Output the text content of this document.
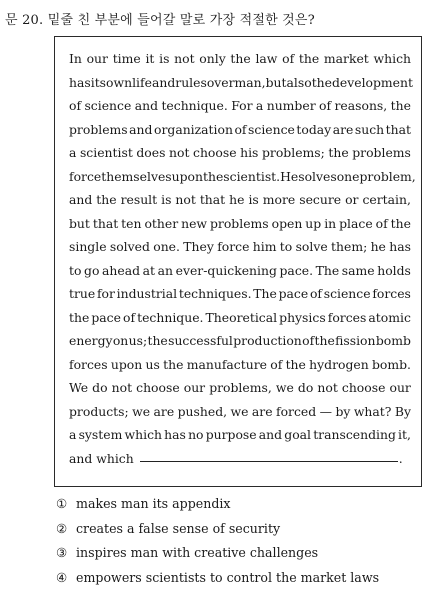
문 20. 밑줄 친 부분에 들어갈 말로 가장 적절한 것은?
In our time it is not only the law of the market which
has its own life and rules over man, but also the development
of science and technique. For a number of reasons, the
problems and organization of science today are such that
a scientist does not choose his problems; the problems
force themselves upon the scientist. He solves one problem,
and the result is not that he is more secure or certain,
but that ten other new problems open up in place of the
single solved one. They force him to solve them; he has
to go ahead at an ever-quickening pace. The same holds
true for industrial techniques. The pace of science forces
the pace of technique. Theoretical physics forces atomic
energy on us; the successful production of the fission bomb
forces upon us the manufacture of the hydrogen bomb.
We do not choose our problems, we do not choose our
products; we are pushed, we are forced — by what? By
a system which has no purpose and goal transcending it,
and which	.
① makes man its appendix
② creates a false sense of security
③ inspires man with creative challenges
④ empowers scientists to control the market laws
